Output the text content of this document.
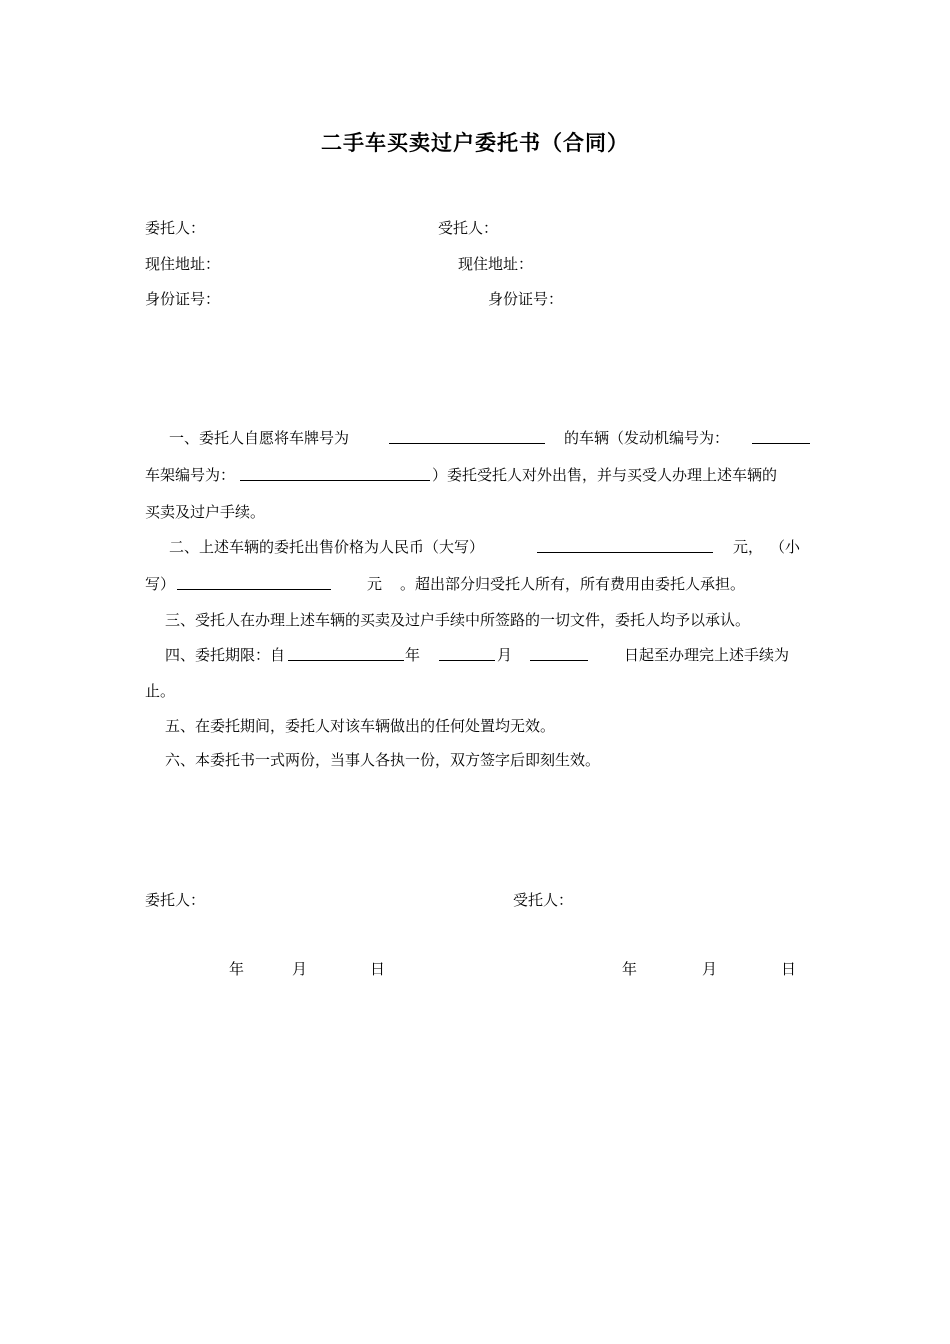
二手车买卖过户委托书（合同）
委托人：	受托人：
现住地址：	现住地址：
身份证号：	身份证号：
一、委托人自愿将车牌号为	的车辆（发动机编号为：
车架编号为：	）委托受托人对外出售，并与买受人办理上述车辆的
买卖及过户手续。
二、上述车辆的委托出售价格为人民币（大写）	元， （小
写）	元 。超出部分归受托人所有，所有费用由委托人承担。
三、受托人在办理上述车辆的买卖及过户手续中所签路的一切文件，委托人均予以承认。
四、委托期限：自	年	月	日起至办理完上述手续为
止。
五、在委托期间，委托人对该车辆做出的任何处置均无效。
六、本委托书一式两份，当事人各执一份，双方签字后即刻生效。
委托人：	受托人：
年	月	日	年	月	日
